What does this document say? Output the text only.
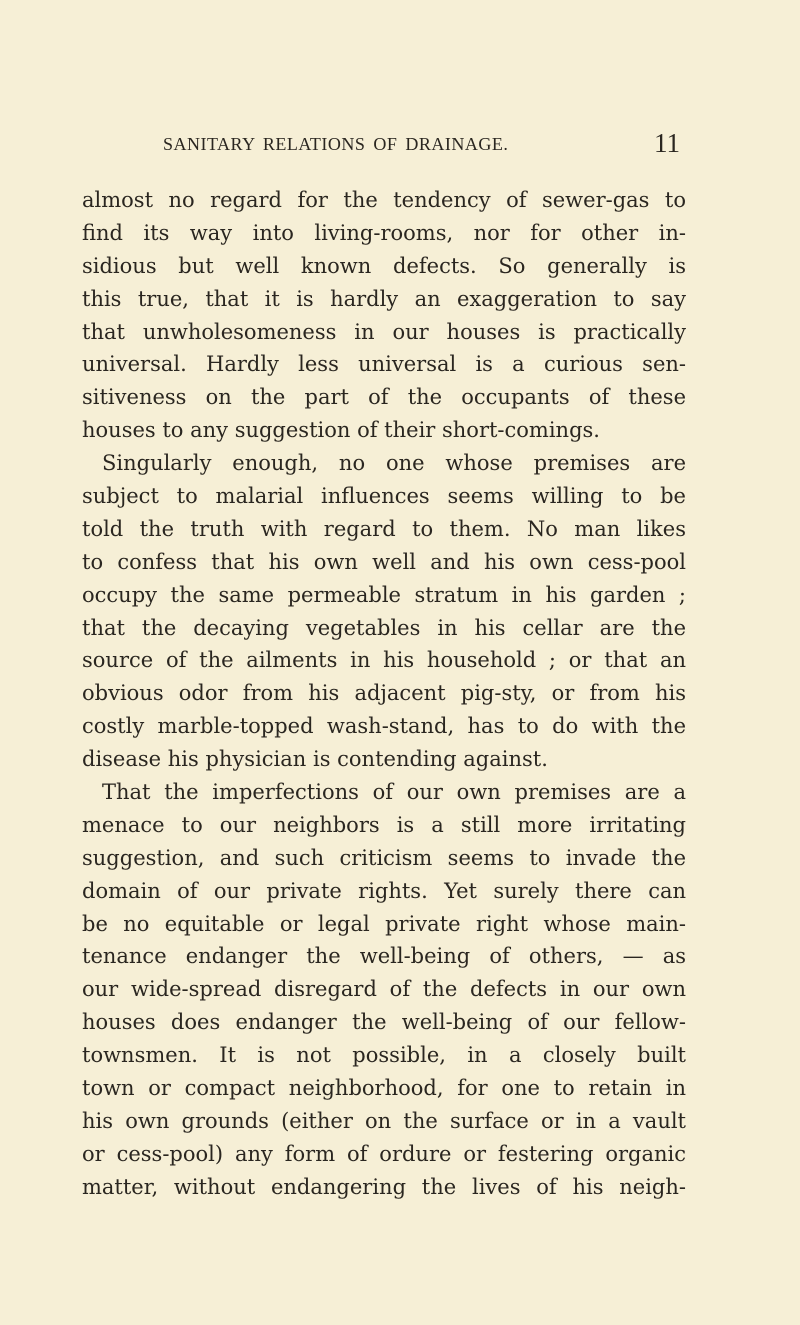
SANITARY RELATIONS OF DRAINAGE.	11
almost no regard for the tendency of sewer-gas to
find its way into living-rooms, nor for other in-
sidious but well known defects. So generally is
this true, that it is hardly an exaggeration to say
that unwholesomeness in our houses is practically
universal. Hardly less universal is a curious sen-
sitiveness on the part of the occupants of these
houses to any suggestion of their short-comings.
Singularly enough, no one whose premises are
subject to malarial influences seems willing to be
told the truth with regard to them. No man likes
to confess that his own well and his own cess-pool
occupy the same permeable stratum in his garden ;
that the decaying vegetables in his cellar are the
source of the ailments in his household ; or that an
obvious odor from his adjacent pig-sty, or from his
costly marble-topped wash-stand, has to do with the
disease his physician is contending against.
That the imperfections of our own premises are a
menace to our neighbors is a still more irritating
suggestion, and such criticism seems to invade the
domain of our private rights. Yet surely there can
be no equitable or legal private right whose main-
tenance endanger the well-being of others, — as
our wide-spread disregard of the defects in our own
houses does endanger the well-being of our fellow-
townsmen. It is not possible, in a closely built
town or compact neighborhood, for one to retain in
his own grounds (either on the surface or in a vault
or cess-pool) any form of ordure or festering organic
matter, without endangering the lives of his neigh-
